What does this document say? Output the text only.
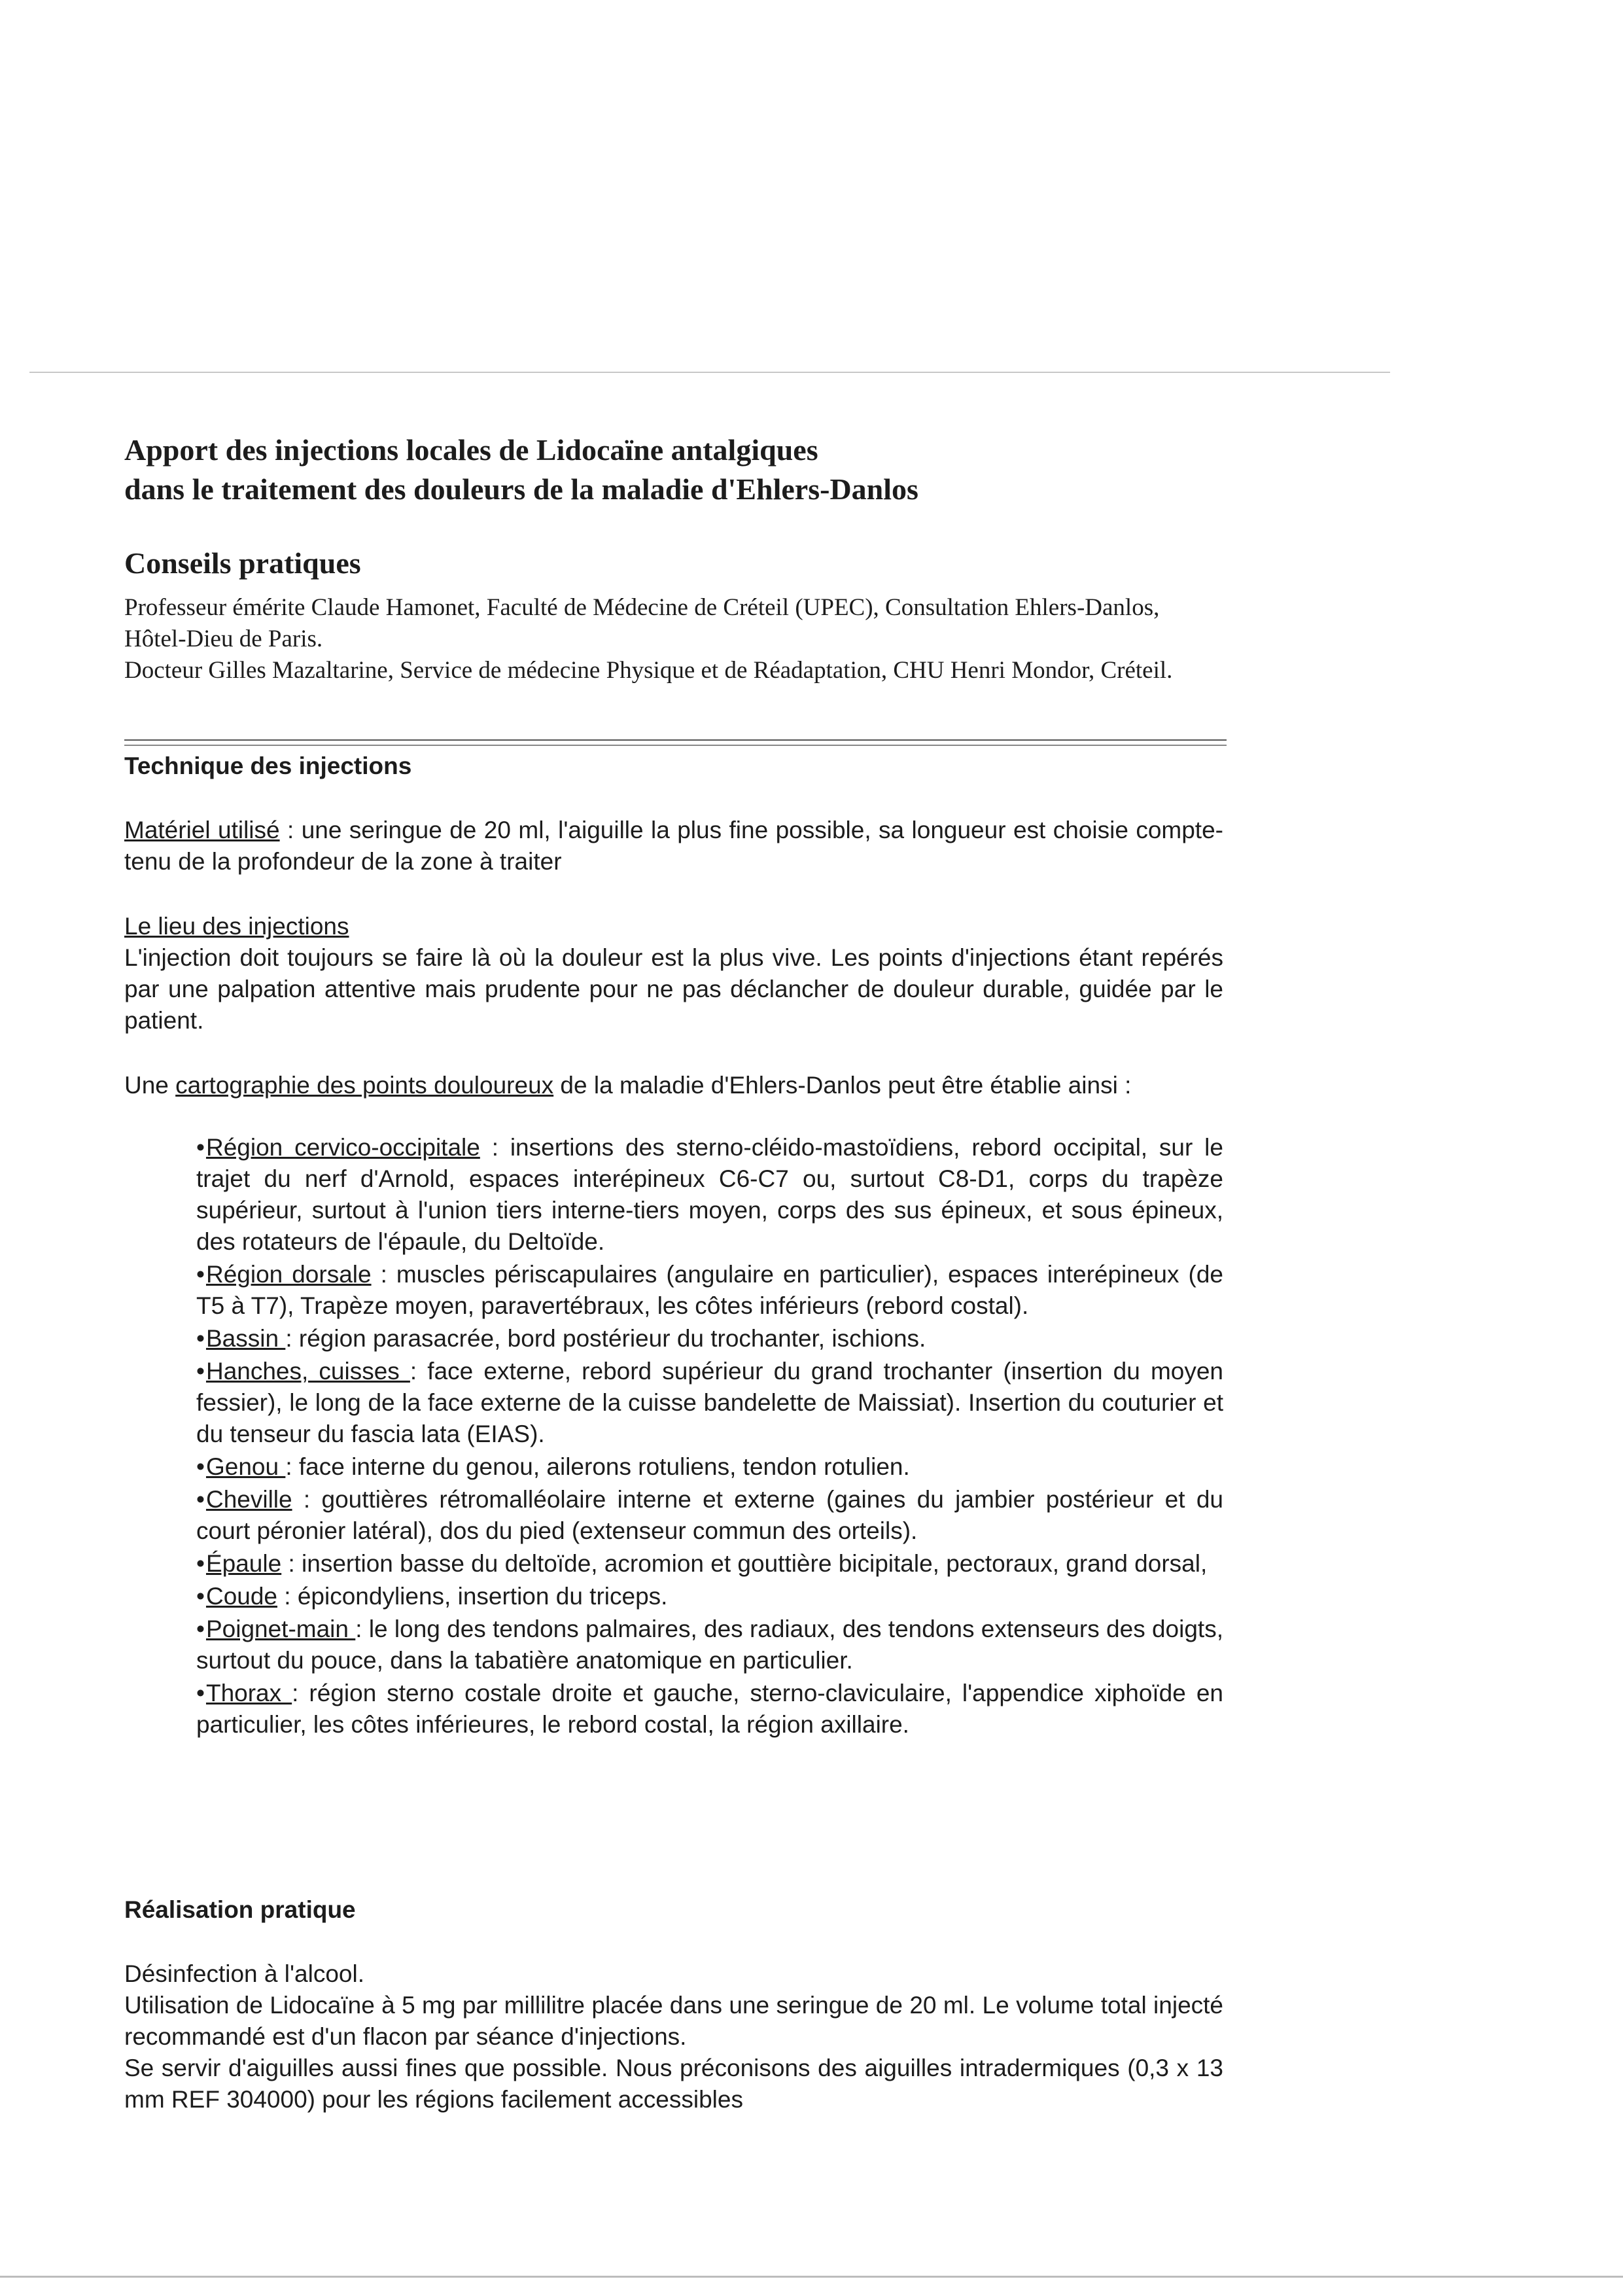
Apport des injections locales de Lidocaïne antalgiques
dans le traitement des douleurs de la maladie d'Ehlers-Danlos
Conseils pratiques

Professeur émérite Claude Hamonet, Faculté de Médecine de Créteil (UPEC), Consultation Ehlers-Danlos, Hôtel-Dieu de Paris.

Docteur Gilles Mazaltarine, Service de médecine Physique et de Réadaptation, CHU Henri Mondor, Créteil.

Technique des injections

Matériel utilisé : une seringue de 20 ml, l'aiguille la plus fine possible, sa longueur est choisie compte-tenu de la profondeur de la zone à traiter

Le lieu des injections

L'injection doit toujours se faire là où la douleur est la plus vive. Les points d'injections étant repérés par une palpation attentive mais prudente pour ne pas déclancher de douleur durable, guidée par le patient.

Une cartographie des points douloureux de la maladie d'Ehlers-Danlos peut être établie ainsi :

•Région cervico-occipitale : insertions des sterno-cléido-mastoïdiens, rebord occipital, sur le trajet du nerf d'Arnold, espaces interépineux C6-C7 ou, surtout C8-D1, corps du trapèze supérieur, surtout à l'union tiers interne-tiers moyen, corps des sus épineux, et sous épineux, des rotateurs de l'épaule, du Deltoïde.

•Région dorsale : muscles périscapulaires (angulaire en particulier), espaces interépineux (de T5 à T7), Trapèze moyen, paravertébraux, les côtes inférieurs (rebord costal).

•Bassin : région parasacrée, bord postérieur du trochanter, ischions.

•Hanches, cuisses : face externe, rebord supérieur du grand trochanter (insertion du moyen fessier), le long de la face externe de la cuisse bandelette de Maissiat). Insertion du couturier et du tenseur du fascia lata (EIAS).

•Genou : face interne du genou, ailerons rotuliens, tendon rotulien.

•Cheville : gouttières rétromalléolaire interne et externe (gaines du jambier postérieur et du court péronier latéral), dos du pied (extenseur commun des orteils).

•Épaule : insertion basse du deltoïde, acromion et gouttière bicipitale, pectoraux, grand dorsal,

•Coude : épicondyliens, insertion du triceps.

•Poignet-main : le long des tendons palmaires, des radiaux, des tendons extenseurs des doigts, surtout du pouce, dans la tabatière anatomique en particulier.

•Thorax : région sterno costale droite et gauche, sterno-claviculaire, l'appendice xiphoïde en particulier, les côtes inférieures, le rebord costal, la région axillaire.

Réalisation pratique

Désinfection à l'alcool.

Utilisation de Lidocaïne à 5 mg par millilitre placée dans une seringue de 20 ml. Le volume total injecté recommandé est d'un flacon par séance d'injections.

Se servir d'aiguilles aussi fines que possible. Nous préconisons des aiguilles intradermiques (0,3 x 13 mm REF 304000) pour les régions facilement accessibles
